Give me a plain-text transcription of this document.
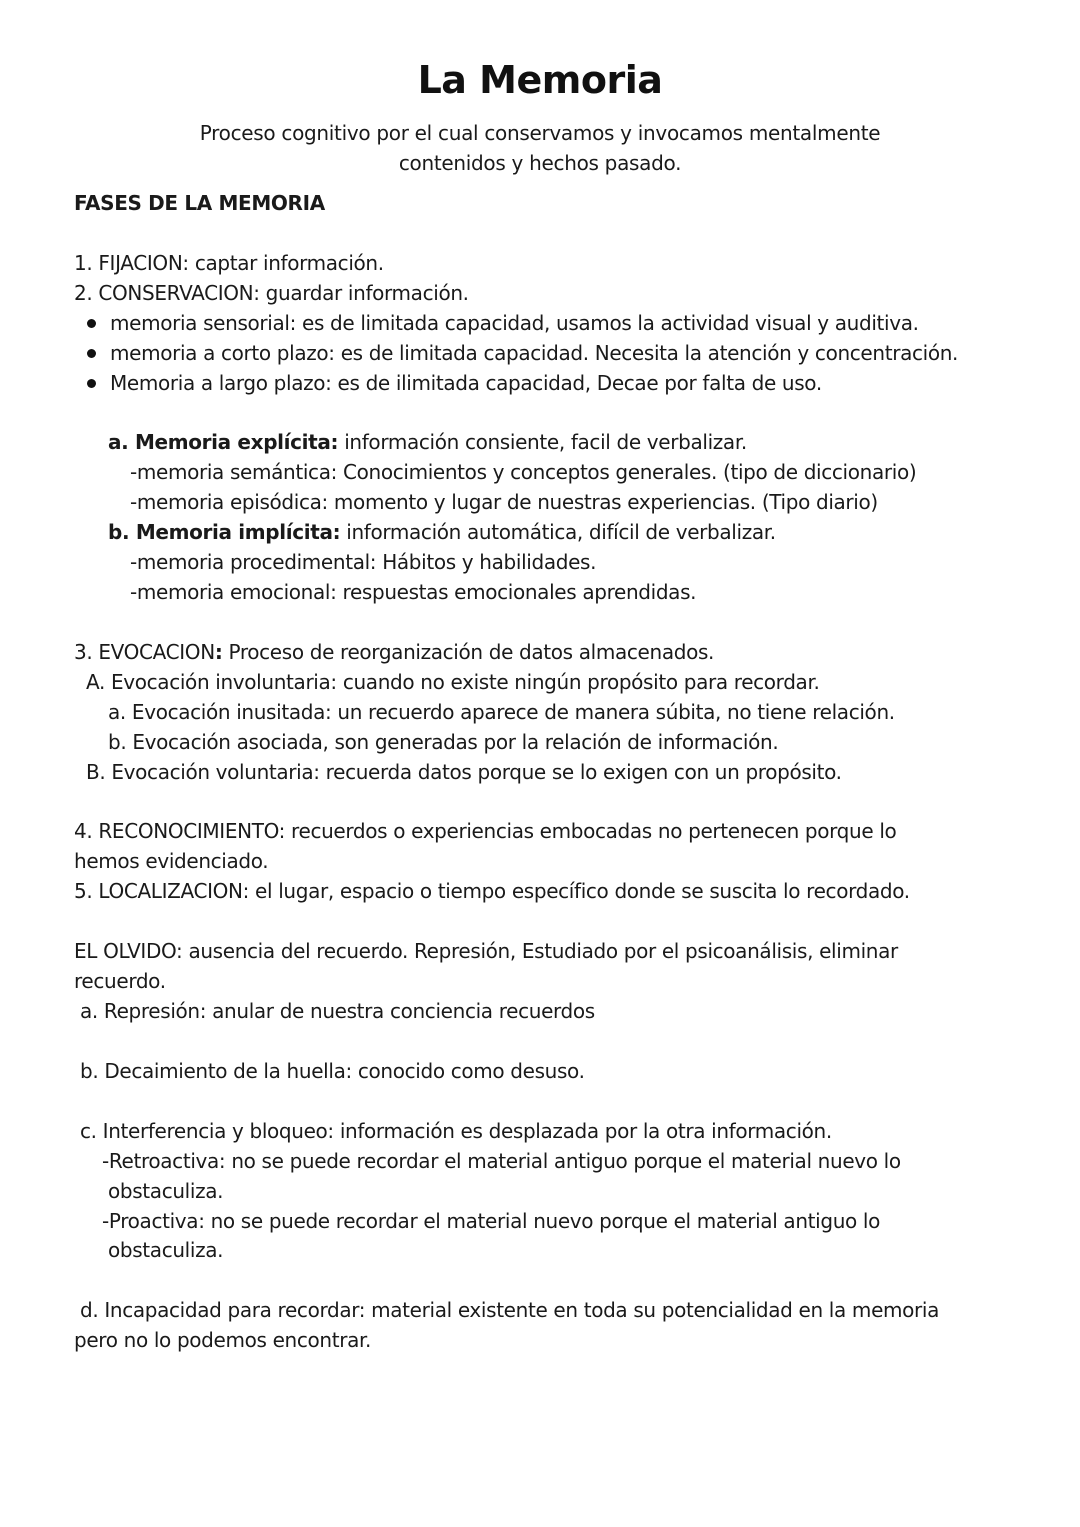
La Memoria
Proceso cognitivo por el cual conservamos y invocamos mentalmente
contenidos y hechos pasado.
FASES DE LA MEMORIA
1. FIJACION: captar información.
2. CONSERVACION: guardar información.
memoria sensorial: es de limitada capacidad, usamos la actividad visual y auditiva.
memoria a corto plazo: es de limitada capacidad. Necesita la atención y concentración.
Memoria a largo plazo: es de ilimitada capacidad, Decae por falta de uso.
a. Memoria explícita: información consiente, facil de verbalizar.
-memoria semántica: Conocimientos y conceptos generales. (tipo de diccionario)
-memoria episódica: momento y lugar de nuestras experiencias. (Tipo diario)
b. Memoria implícita: información automática, difícil de verbalizar.
-memoria procedimental: Hábitos y habilidades.
-memoria emocional: respuestas emocionales aprendidas.
3. EVOCACION: Proceso de reorganización de datos almacenados.
A. Evocación involuntaria: cuando no existe ningún propósito para recordar.
a. Evocación inusitada: un recuerdo aparece de manera súbita, no tiene relación.
b. Evocación asociada, son generadas por la relación de información.
B. Evocación voluntaria: recuerda datos porque se lo exigen con un propósito.
4. RECONOCIMIENTO: recuerdos o experiencias embocadas no pertenecen porque lo
hemos evidenciado.
5. LOCALIZACION: el lugar, espacio o tiempo específico donde se suscita lo recordado.
EL OLVIDO: ausencia del recuerdo. Represión, Estudiado por el psicoanálisis, eliminar
recuerdo.
a. Represión: anular de nuestra conciencia recuerdos
b. Decaimiento de la huella: conocido como desuso.
c. Interferencia y bloqueo: información es desplazada por la otra información.
-Retroactiva: no se puede recordar el material antiguo porque el material nuevo lo
obstaculiza.
-Proactiva: no se puede recordar el material nuevo porque el material antiguo lo
obstaculiza.
d. Incapacidad para recordar: material existente en toda su potencialidad en la memoria
pero no lo podemos encontrar.
